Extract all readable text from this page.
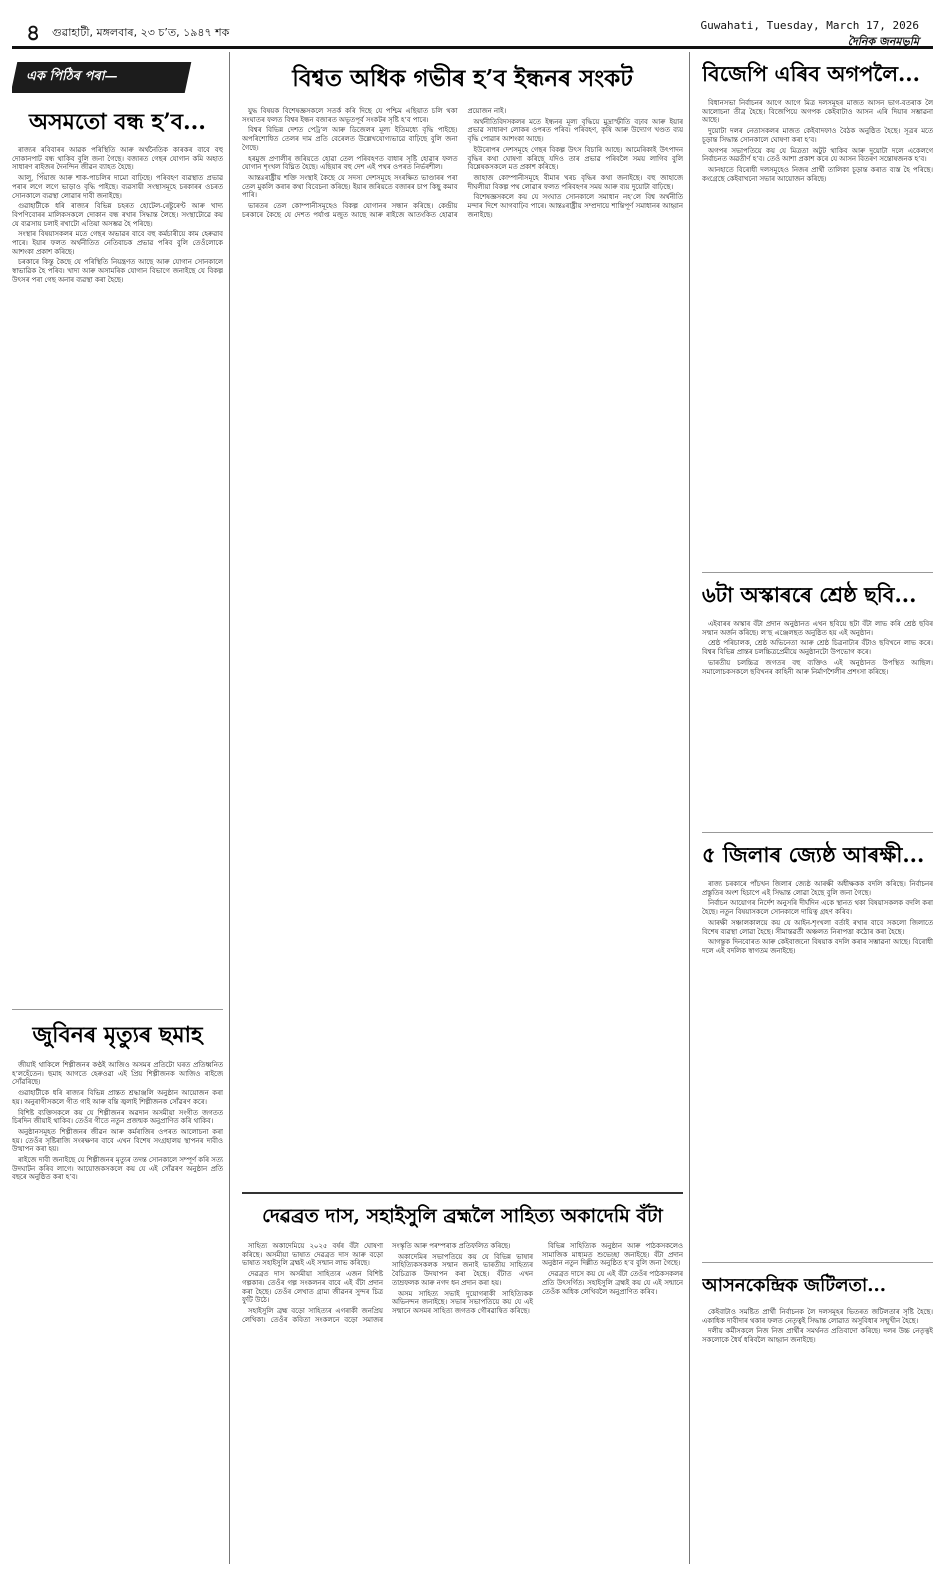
৪ গুৱাহাটী, মঙ্গলবাৰ, ২৩ চ’ত, ১৯৪৭ শক
Guwahati, Tuesday, March 17, 2026
দৈনিক জনমভূমি
এক পিঠিৰ পৰা—
অসমতো বন্ধ হ’ব...

ৰাজ্যৰ ৰবিবাৰৰ আৱক পৰিস্থিতি আৰু অৰ্থনৈতিক কাৰকৰ বাবে বহু দোকানপাট বন্ধ থাকিব বুলি জনা গৈছে। বজাৰত গেছৰ যোগান কমি অহাত সাধাৰণ ৰাইজৰ দৈনন্দিন জীৱন ব্যাহত হৈছে।

আলু, পিঁয়াজ আৰু শাক-পাচলিৰ দামো বাঢ়িছে। পৰিবহণ ব্যৱস্থাত প্ৰভাৱ পৰাৰ লগে লগে ভাড়াও বৃদ্ধি পাইছে। ব্যৱসায়ী সংস্থাসমূহে চৰকাৰৰ ওচৰত সোনকালে ব্যৱস্থা লোৱাৰ দাবী জনাইছে।

গুৱাহাটীকে ধৰি ৰাজ্যৰ বিভিন্ন চহৰত হোটেল-ৰেষ্টুৰেণ্ট আৰু খাদ্য বিপণিবোৰৰ মালিকসকলে দোকান বন্ধ ৰখাৰ সিদ্ধান্ত লৈছে। সংস্থাটোৱে কয় যে ব্যৱসায় চলাই ৰখাটো এতিয়া অসম্ভৱ হৈ পৰিছে।

সংস্থাৰ বিষয়াসকলৰ মতে গেছৰ অভাৱৰ বাবে বহু কৰ্মচাৰীয়ে কাম হেৰুৱাব পাৰে। ইয়াৰ ফলত অৰ্থনীতিত নেতিবাচক প্ৰভাৱ পৰিব বুলি তেওঁলোকে আশংকা প্ৰকাশ কৰিছে।

চৰকাৰে কিন্তু কৈছে যে পৰিস্থিতি নিয়ন্ত্ৰণত আছে আৰু যোগান সোনকালে স্বাভাৱিক হৈ পৰিব। খাদ্য আৰু অসামৰিক যোগান বিভাগে জনাইছে যে বিকল্প উৎসৰ পৰা গেছ অনাৰ ব্যৱস্থা কৰা হৈছে।

জুবিনৰ মৃত্যুৰ ছমাহ

জীয়াই থাকিলে শিল্পীজনৰ কণ্ঠই আজিও অসমৰ প্ৰতিটো ঘৰত প্ৰতিধ্বনিত হ’লহেঁতেন। ছমাহ আগতে হেৰুওৱা এই প্ৰিয় শিল্পীজনক আজিও ৰাইজে সোঁৱৰিছে।

গুৱাহাটীকে ধৰি ৰাজ্যৰ বিভিন্ন প্ৰান্তত শ্ৰদ্ধাঞ্জলি অনুষ্ঠান আয়োজন কৰা হয়। অনুৰাগীসকলে গীত গাই আৰু বন্তি জ্বলাই শিল্পীজনক সোঁৱৰণ কৰে।

বিশিষ্ট ব্যক্তিসকলে কয় যে শিল্পীজনৰ অৱদান অসমীয়া সংগীত জগতত চিৰদিন জীয়াই থাকিব। তেওঁৰ গীতে নতুন প্ৰজন্মক অনুপ্ৰাণিত কৰি থাকিব।

অনুষ্ঠানসমূহত শিল্পীজনৰ জীৱন আৰু কৰ্মৰাজিৰ ওপৰত আলোচনা কৰা হয়। তেওঁৰ সৃষ্টিৰাজি সংৰক্ষণৰ বাবে এখন বিশেষ সংগ্ৰহালয় স্থাপনৰ দাবীও উত্থাপন কৰা হয়।

ৰাইজে দাবী জনাইছে যে শিল্পীজনৰ মৃত্যুৰ তদন্ত সোনকালে সম্পূৰ্ণ কৰি সত্য উদঘাটন কৰিব লাগে। আয়োজকসকলে কয় যে এই সোঁৱৰণ অনুষ্ঠান প্ৰতি বছৰে অনুষ্ঠিত কৰা হ’ব।

বিশ্বত অধিক গভীৰ হ’ব ইন্ধনৰ সংকট

যুদ্ধ বিষয়ক বিশেষজ্ঞসকলে সতৰ্ক কৰি দিছে যে পশ্চিম এছিয়াত চলি থকা সংঘাতৰ ফলত বিশ্বৰ ইন্ধন বজাৰত অভূতপূৰ্ব সংকটৰ সৃষ্টি হ’ব পাৰে।

বিশ্বৰ বিভিন্ন দেশত পেট্ৰ’ল আৰু ডিজেলৰ মূল্য ইতিমধ্যে বৃদ্ধি পাইছে। অপৰিশোধিত তেলৰ দাম প্ৰতি বেৰেলত উল্লেখযোগ্যভাৱে বাঢ়িছে বুলি জনা গৈছে।

হৰমুজ প্ৰণালীৰ জৰিয়তে হোৱা তেল পৰিবহণত বাধাৰ সৃষ্টি হোৱাৰ ফলত যোগান শৃংখল বিঘ্নিত হৈছে। এছিয়াৰ বহু দেশ এই পথৰ ওপৰত নিৰ্ভৰশীল।

আন্তঃৰাষ্ট্ৰীয় শক্তি সংস্থাই কৈছে যে সদস্য দেশসমূহে সংৰক্ষিত ভাণ্ডাৰৰ পৰা তেল মুকলি কৰাৰ কথা বিবেচনা কৰিছে। ইয়াৰ জৰিয়তে বজাৰৰ চাপ কিছু কমাব পাৰি।

ভাৰতৰ তেল কোম্পানীসমূহেও বিকল্প যোগানৰ সন্ধান কৰিছে। কেন্দ্ৰীয় চৰকাৰে কৈছে যে দেশত পৰ্যাপ্ত মজুত আছে আৰু ৰাইজে আতংকিত হোৱাৰ প্ৰয়োজন নাই।

অৰ্থনীতিবিদসকলৰ মতে ইন্ধনৰ মূল্য বৃদ্ধিয়ে মুদ্ৰাস্ফীতি বঢ়াব আৰু ইয়াৰ প্ৰভাৱ সাধাৰণ লোকৰ ওপৰত পৰিব। পৰিবহণ, কৃষি আৰু উদ্যোগ খণ্ডত ব্যয় বৃদ্ধি পোৱাৰ আশংকা আছে।

ইউৰোপৰ দেশসমূহে গেছৰ বিকল্প উৎস বিচাৰি আছে। আমেৰিকাই উৎপাদন বৃদ্ধিৰ কথা ঘোষণা কৰিছে যদিও তাৰ প্ৰভাৱ পৰিবলৈ সময় লাগিব বুলি বিশ্লেষকসকলে মত প্ৰকাশ কৰিছে।

জাহাজ কোম্পানীসমূহে বীমাৰ খৰচ বৃদ্ধিৰ কথা জনাইছে। বহু জাহাজে দীঘলীয়া বিকল্প পথ লোৱাৰ ফলত পৰিবহণৰ সময় আৰু ব্যয় দুয়োটা বাঢ়িছে।

বিশেষজ্ঞসকলে কয় যে সংঘাত সোনকালে সমাধান নহ’লে বিশ্ব অৰ্থনীতি মন্দাৰ দিশে আগবাঢ়িব পাৰে। আন্তঃৰাষ্ট্ৰীয় সম্প্ৰদায়ে শান্তিপূৰ্ণ সমাধানৰ আহ্বান জনাইছে।

দেৱব্ৰত দাস, সহাইসুলি ব্ৰহ্মলৈ সাহিত্য অকাদেমি বঁটা

সাহিত্য অকাদেমিয়ে ২০২৫ বৰ্ষৰ বঁটা ঘোষণা কৰিছে। অসমীয়া ভাষাত দেৱব্ৰত দাস আৰু বড়ো ভাষাত সহাইসুলি ব্ৰহ্মই এই সন্মান লাভ কৰিছে।

দেৱব্ৰত দাস অসমীয়া সাহিত্যৰ এজন বিশিষ্ট গল্পকাৰ। তেওঁৰ গল্প সংকলনৰ বাবে এই বঁটা প্ৰদান কৰা হৈছে। তেওঁৰ লেখাত গ্ৰাম্য জীৱনৰ সুন্দৰ চিত্ৰ ফুটি উঠে।

সহাইসুলি ব্ৰহ্ম বড়ো সাহিত্যৰ এগৰাকী জনপ্ৰিয় লেখিকা। তেওঁৰ কবিতা সংকলনে বড়ো সমাজৰ সংস্কৃতি আৰু পৰম্পৰাক প্ৰতিফলিত কৰিছে।

অকাদেমিৰ সভাপতিয়ে কয় যে বিভিন্ন ভাষাৰ সাহিত্যিকসকলক সন্মান জনাই ভাৰতীয় সাহিত্যৰ বৈচিত্ৰ্যক উদযাপন কৰা হৈছে। বঁটাত এখন তাম্ৰফলক আৰু নগদ ধন প্ৰদান কৰা হয়।

অসম সাহিত্য সভাই দুয়োগৰাকী সাহিত্যিকক অভিনন্দন জনাইছে। সভাৰ সভাপতিয়ে কয় যে এই সন্মানে অসমৰ সাহিত্য জগতক গৌৰৱান্বিত কৰিছে।

বিভিন্ন সাহিত্যিক অনুষ্ঠান আৰু পাঠকসকলেও সামাজিক মাধ্যমত শুভেচ্ছা জনাইছে। বঁটা প্ৰদান অনুষ্ঠান নতুন দিল্লীত অনুষ্ঠিত হ’ব বুলি জনা গৈছে।

দেৱব্ৰত দাসে কয় যে এই বঁটা তেওঁৰ পাঠকসকলৰ প্ৰতি উৎসৰ্গিত। সহাইসুলি ব্ৰহ্মই কয় যে এই সন্মানে তেওঁক অধিক লেখিবলৈ অনুপ্ৰাণিত কৰিব।

বিজেপি এৰিব অগপলৈ...

বিধানসভা নিৰ্বাচনৰ আগে আগে মিত্ৰ দলসমূহৰ মাজত আসন ভাগ-বতৰাক লৈ আলোচনা তীব্ৰ হৈছে। বিজেপিয়ে অগপক কেইবাটাও আসন এৰি দিয়াৰ সম্ভাৱনা আছে।

দুয়োটা দলৰ নেতাসকলৰ মাজত কেইবাদফাও বৈঠক অনুষ্ঠিত হৈছে। সূত্ৰৰ মতে চূড়ান্ত সিদ্ধান্ত সোনকালে ঘোষণা কৰা হ’ব।

অগপৰ সভাপতিয়ে কয় যে মিত্ৰতা অটুট থাকিব আৰু দুয়োটা দলে একেলগে নিৰ্বাচনত অৱতীৰ্ণ হ’ব। তেওঁ আশা প্ৰকাশ কৰে যে আসন বিতৰণ সন্তোষজনক হ’ব।

আনহাতে বিৰোধী দলসমূহেও নিজৰ প্ৰাৰ্থী তালিকা চূড়ান্ত কৰাত ব্যস্ত হৈ পৰিছে। কংগ্ৰেছে কেইবাখনো সভাৰ আয়োজন কৰিছে।

৬টা অস্কাৰৰে শ্ৰেষ্ঠ ছবি...

এইবাৰৰ অস্কাৰ বঁটা প্ৰদান অনুষ্ঠানত এখন ছবিয়ে ছটা বঁটা লাভ কৰি শ্ৰেষ্ঠ ছবিৰ সন্মান অৰ্জন কৰিছে। ল’ছ এঞ্জেলছত অনুষ্ঠিত হয় এই অনুষ্ঠান।

শ্ৰেষ্ঠ পৰিচালক, শ্ৰেষ্ঠ অভিনেতা আৰু শ্ৰেষ্ঠ চিত্ৰনাট্যৰ বঁটাও ছবিখনে লাভ কৰে। বিশ্বৰ বিভিন্ন প্ৰান্তৰ চলচ্চিত্ৰপ্ৰেমীয়ে অনুষ্ঠানটো উপভোগ কৰে।

ভাৰতীয় চলচ্চিত্ৰ জগতৰ বহু ব্যক্তিও এই অনুষ্ঠানত উপস্থিত আছিল। সমালোচকসকলে ছবিখনৰ কাহিনী আৰু নিৰ্মাণশৈলীৰ প্ৰশংসা কৰিছে।

৫ জিলাৰ জ্যেষ্ঠ আৰক্ষী...

ৰাজ্য চৰকাৰে পাঁচখন জিলাৰ জ্যেষ্ঠ আৰক্ষী অধীক্ষকক বদলি কৰিছে। নিৰ্বাচনৰ প্ৰস্তুতিৰ অংশ হিচাপে এই সিদ্ধান্ত লোৱা হৈছে বুলি জনা গৈছে।

নিৰ্বাচন আয়োগৰ নিৰ্দেশ অনুসৰি দীৰ্ঘদিন একে স্থানত থকা বিষয়াসকলক বদলি কৰা হৈছে। নতুন বিষয়াসকলে সোনকালে দায়িত্ব গ্ৰহণ কৰিব।

আৰক্ষী সঞ্চালকালয়ে কয় যে আইন-শৃংখলা বৰ্তাই ৰখাৰ বাবে সকলো জিলাতে বিশেষ ব্যৱস্থা লোৱা হৈছে। সীমান্তৱৰ্তী অঞ্চলত নিৰাপত্তা কঠোৰ কৰা হৈছে।

আগন্তুক দিনবোৰত আৰু কেইবাজনো বিষয়াক বদলি কৰাৰ সম্ভাৱনা আছে। বিৰোধী দলে এই বদলিক স্বাগতম জনাইছে।

আসনকেন্দ্ৰিক জটিলতা...

কেইবাটাও সমষ্টিত প্ৰাৰ্থী নিৰ্বাচনক লৈ দলসমূহৰ ভিতৰত জটিলতাৰ সৃষ্টি হৈছে। একাধিক দাবীদাৰ থকাৰ ফলত নেতৃত্বই সিদ্ধান্ত লোৱাত অসুবিধাৰ সন্মুখীন হৈছে।

দলীয় কৰ্মীসকলে নিজ নিজ প্ৰাৰ্থীৰ সমৰ্থনত প্ৰতিবাদো কৰিছে। দলৰ উচ্চ নেতৃত্বই সকলোকে ধৈৰ্য ধৰিবলৈ আহ্বান জনাইছে।
